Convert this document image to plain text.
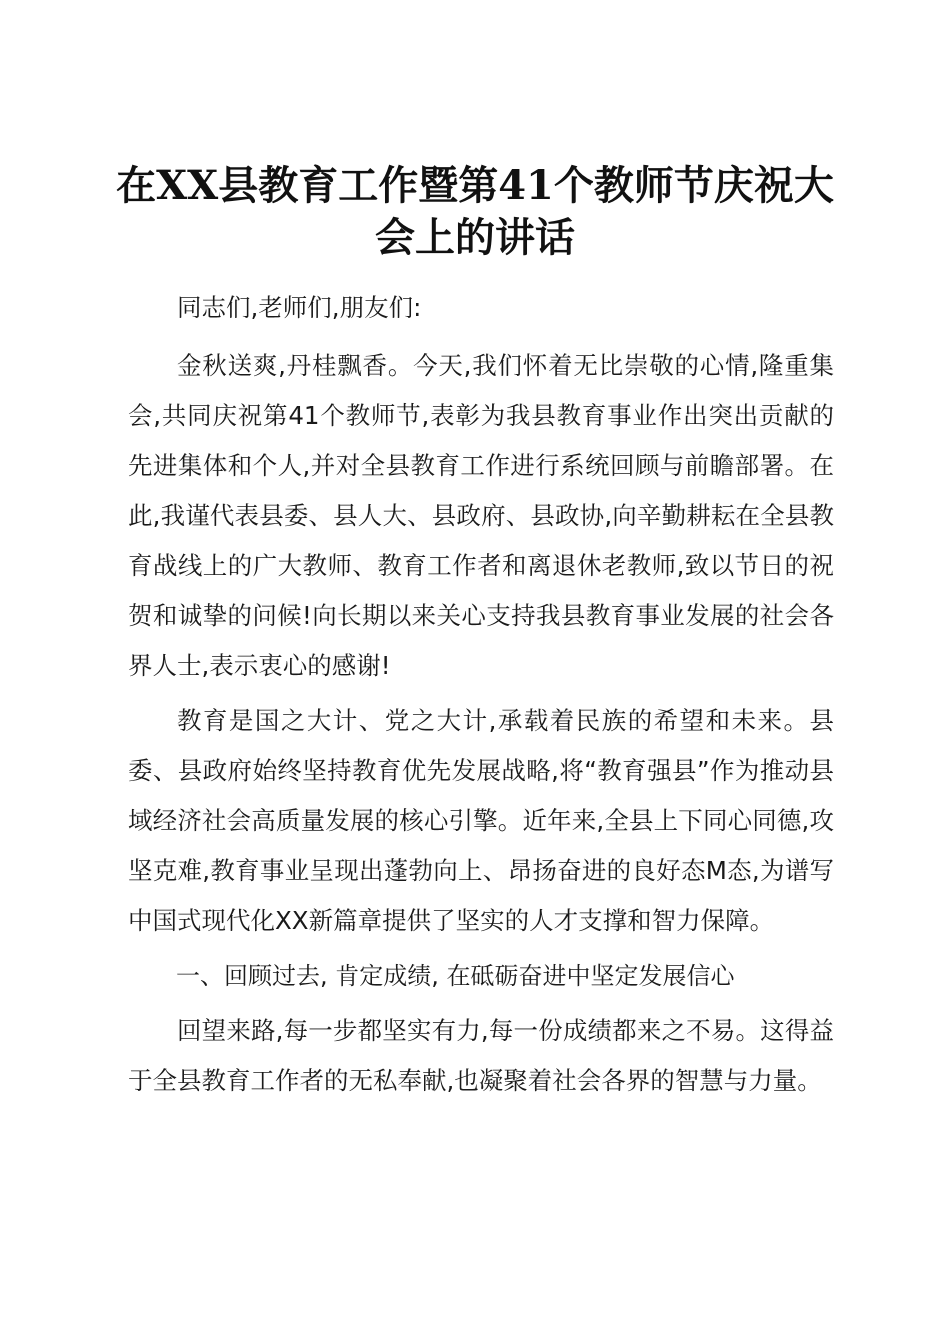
在XX县教育工作暨第41个教师节庆祝大会上的讲话

同志们,老师们,朋友们:

金秋送爽,丹桂飘香。今天,我们怀着无比崇敬的心情,隆重集会,共同庆祝第41个教师节,表彰为我县教育事业作出突出贡献的先进集体和个人,并对全县教育工作进行系统回顾与前瞻部署。在此,我谨代表县委、县人大、县政府、县政协,向辛勤耕耘在全县教育战线上的广大教师、教育工作者和离退休老教师,致以节日的祝贺和诚挚的问候!向长期以来关心支持我县教育事业发展的社会各界人士,表示衷心的感谢!

教育是国之大计、党之大计,承载着民族的希望和未来。县委、县政府始终坚持教育优先发展战略,将“教育强县”作为推动县域经济社会高质量发展的核心引擎。近年来,全县上下同心同德,攻坚克难,教育事业呈现出蓬勃向上、昂扬奋进的良好态M态,为谱写中国式现代化XX新篇章提供了坚实的人才支撑和智力保障。

一、回顾过去, 肯定成绩, 在砥砺奋进中坚定发展信心

回望来路,每一步都坚实有力,每一份成绩都来之不易。这得益于全县教育工作者的无私奉献,也凝聚着社会各界的智慧与力量。
